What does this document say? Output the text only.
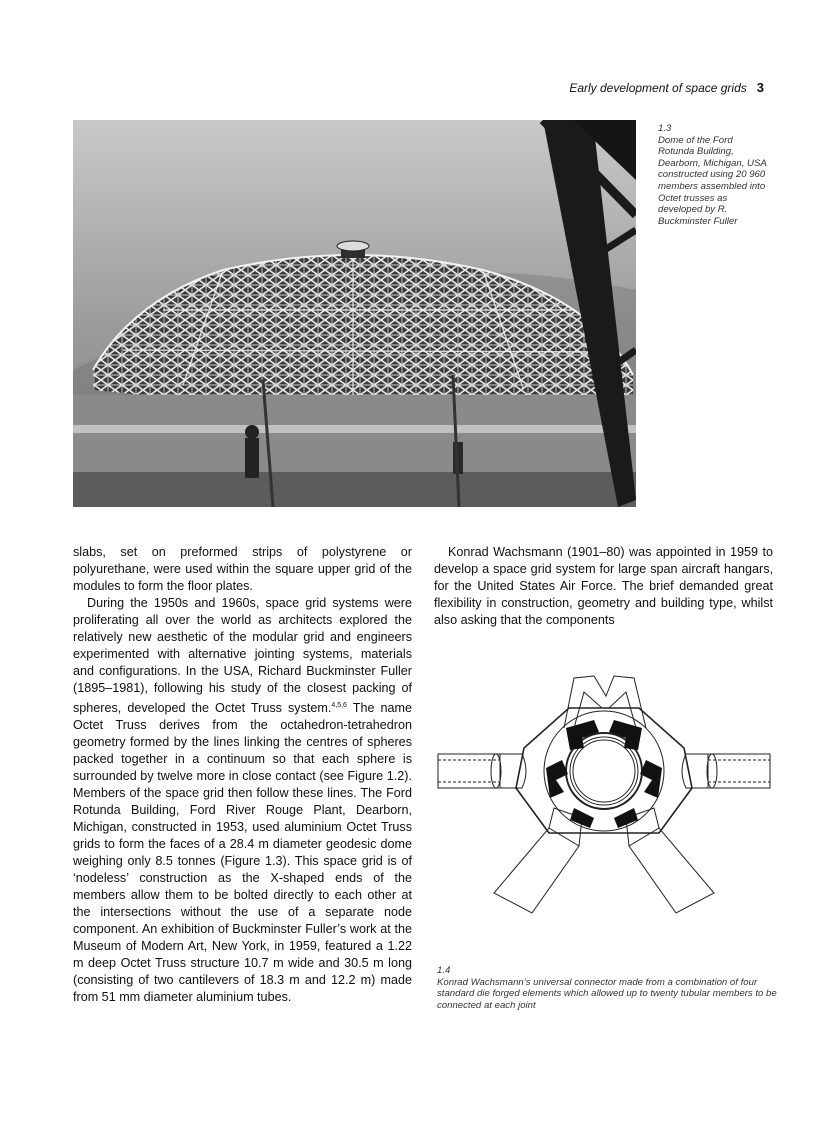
Early development of space grids 3
1.3
Dome of the Ford Rotunda Building, Dearborn, Michigan, USA constructed using 20 960 members assembled into Octet trusses as developed by R. Buckminster Fuller

slabs, set on preformed strips of polystyrene or polyurethane, were used within the square upper grid of the modules to form the floor plates.

During the 1950s and 1960s, space grid systems were proliferating all over the world as architects explored the relatively new aesthetic of the modular grid and engineers experimented with alternative jointing systems, materials and configurations. In the USA, Richard Buckminster Fuller (1895–1981), following his study of the closest packing of spheres, developed the Octet Truss system.$^{4,5,6}$ The name Octet Truss derives from the octahedron-tetrahedron geometry formed by the lines linking the centres of spheres packed together in a continuum so that each sphere is surrounded by twelve more in close contact (see Figure 1.2). Members of the space grid then follow these lines. The Ford Rotunda Building, Ford River Rouge Plant, Dearborn, Michigan, constructed in 1953, used aluminium Octet Truss grids to form the faces of a 28.4 m diameter geodesic dome weighing only 8.5 tonnes (Figure 1.3). This space grid is of ‘nodeless’ construction as the X-shaped ends of the members allow them to be bolted directly to each other at the intersections without the use of a separate node component. An exhibition of Buckminster Fuller’s work at the Museum of Modern Art, New York, in 1959, featured a 1.22 m deep Octet Truss structure 10.7 m wide and 30.5 m long (consisting of two cantilevers of 18.3 m and 12.2 m) made from 51 mm diameter aluminium tubes.

Konrad Wachsmann (1901–80) was appointed in 1959 to develop a space grid system for large span aircraft hangars, for the United States Air Force. The brief demanded great flexibility in construction, geometry and building type, whilst also asking that the components

1.4
Konrad Wachsmann’s universal connector made from a combination of four standard die forged elements which allowed up to twenty tubular members to be connected at each joint
